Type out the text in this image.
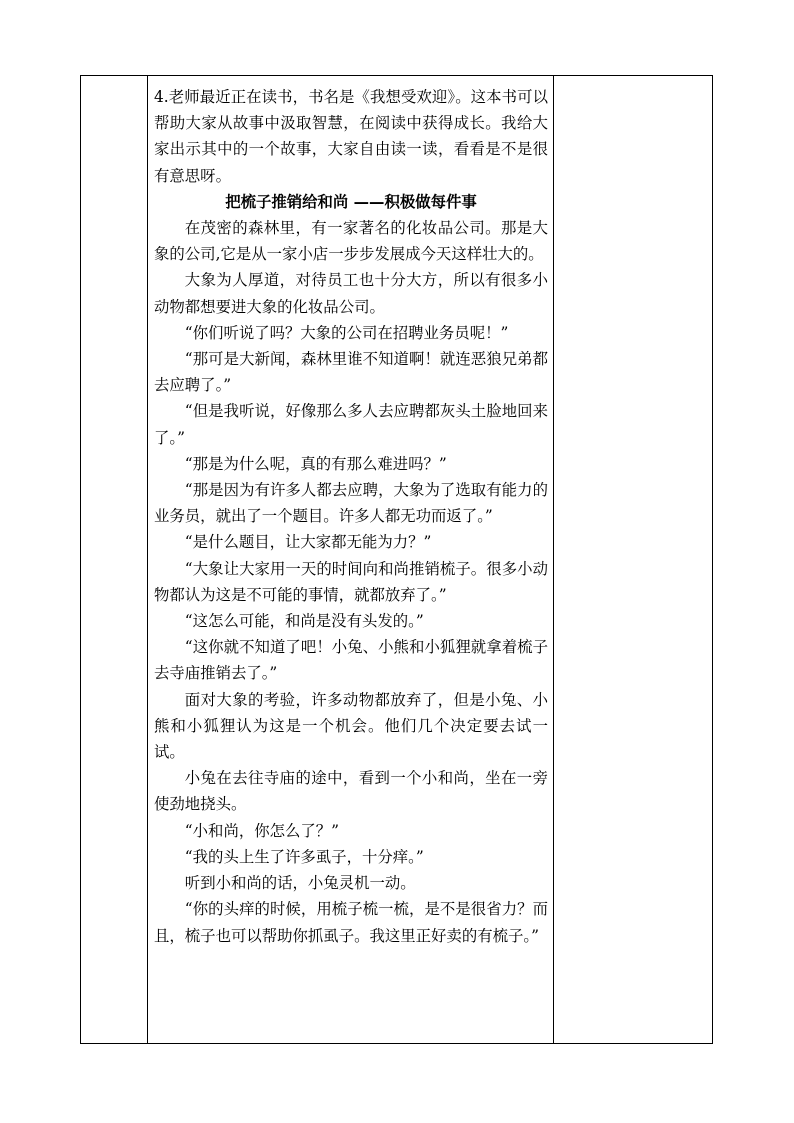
4.老师最近正在读书，书名是《我想受欢迎》。这本书可以帮助大家从故事中汲取智慧，在阅读中获得成长。我给大家出示其中的一个故事，大家自由读一读，看看是不是很有意思呀。

把梳子推销给和尚 ——积极做每件事

在茂密的森林里，有一家著名的化妆品公司。那是大象的公司,它是从一家小店一步步发展成今天这样壮大的。

大象为人厚道，对待员工也十分大方，所以有很多小动物都想要进大象的化妆品公司。

“你们听说了吗？大象的公司在招聘业务员呢！”

“那可是大新闻，森林里谁不知道啊！就连恶狼兄弟都去应聘了。”

“但是我听说，好像那么多人去应聘都灰头土脸地回来了。”

“那是为什么呢，真的有那么难进吗？”

“那是因为有许多人都去应聘，大象为了选取有能力的业务员，就出了一个题目。许多人都无功而返了。”

“是什么题目，让大家都无能为力？”

“大象让大家用一天的时间向和尚推销梳子。很多小动物都认为这是不可能的事情，就都放弃了。”

“这怎么可能，和尚是没有头发的。”

“这你就不知道了吧！小兔、小熊和小狐狸就拿着梳子去寺庙推销去了。”

面对大象的考验，许多动物都放弃了，但是小兔、小熊和小狐狸认为这是一个机会。他们几个决定要去试一试。

小兔在去往寺庙的途中，看到一个小和尚，坐在一旁使劲地挠头。

“小和尚，你怎么了？”

“我的头上生了许多虱子，十分痒。”

听到小和尚的话，小兔灵机一动。

“你的头痒的时候，用梳子梳一梳，是不是很省力？而且，梳子也可以帮助你抓虱子。我这里正好卖的有梳子。”
